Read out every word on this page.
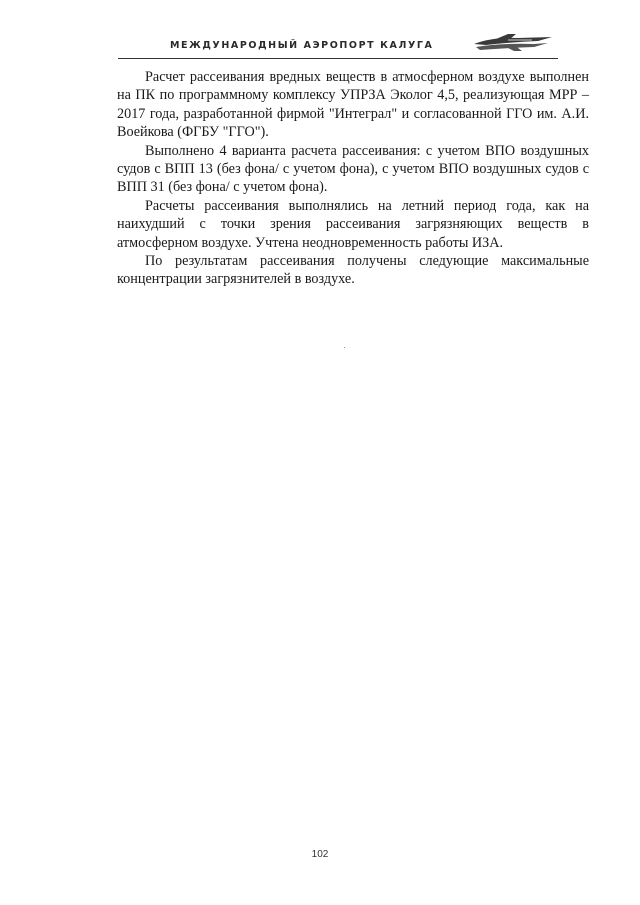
МЕЖДУНАРОДНЫЙ АЭРОПОРТ КАЛУГА

Расчет рассеивания вредных веществ в атмосферном воздухе выполнен на ПК по программному комплексу УПРЗА Эколог 4,5, реализующая МРР – 2017 года, разработанной фирмой "Интеграл" и согласованной ГГО им. А.И. Воейкова (ФГБУ "ГГО").

Выполнено 4 варианта расчета рассеивания: с учетом ВПО воздушных судов с ВПП 13 (без фона/ с учетом фона), с учетом ВПО воздушных судов с ВПП 31 (без фона/ с учетом фона).

Расчеты рассеивания выполнялись на летний период года, как на наихудший с точки зрения рассеивания загрязняющих веществ в атмосферном воздухе. Учтена неодновременность работы ИЗА.

По результатам рассеивания получены следующие максимальные концентрации загрязнителей в воздухе.

102
